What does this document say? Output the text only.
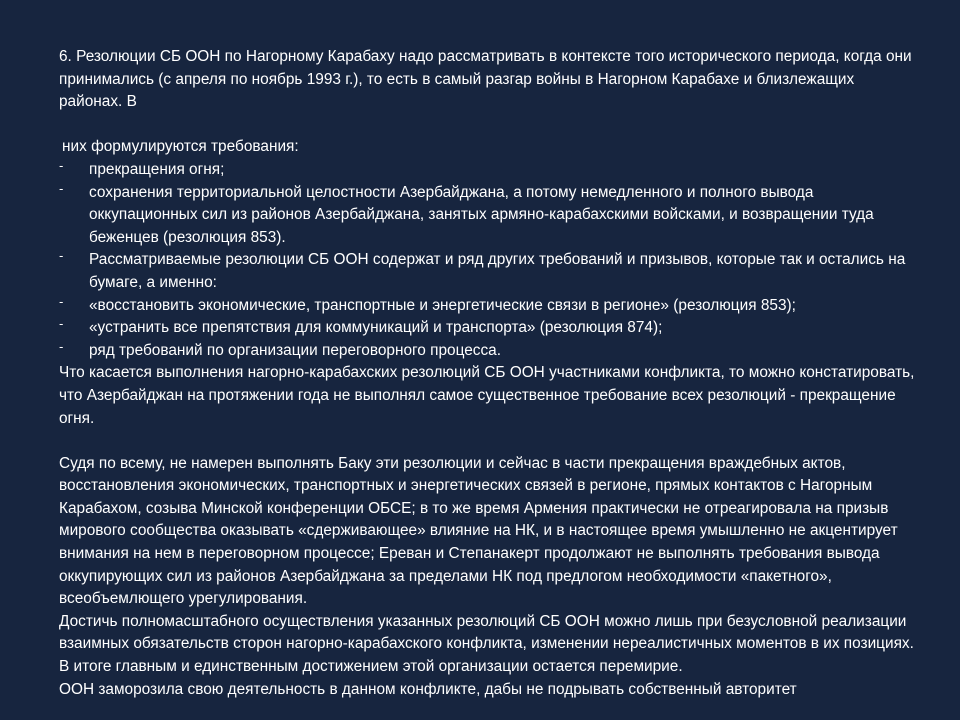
6. Резолюции СБ ООН по Нагорному Карабаху надо рассматривать в контексте того исторического периода, когда они принимались (с апреля по ноябрь 1993 г.), то есть в самый разгар войны в Нагорном Карабахе и близлежащих районах. В

них формулируются требования:

- прекращения огня;
- сохранения территориальной целостности Азербайджана, а потому немедленного и полного вывода оккупационных сил из районов Азербайджана, занятых армяно-карабахскими войсками, и возвращении туда беженцев (резолюция 853).
- Рассматриваемые резолюции СБ ООН содержат и ряд других требований и призывов, которые так и остались на бумаге, а именно:
- «восстановить экономические, транспортные и энергетические связи в регионе» (резолюция 853);
- «устранить все препятствия для коммуникаций и транспорта» (резолюция 874);
- ряд требований по организации переговорного процесса.

Что касается выполнения нагорно-карабахских резолюций СБ ООН участниками конфликта, то можно констатировать, что Азербайджан на протяжении года не выполнял самое существенное требование всех резолюций - прекращение огня.

Судя по всему, не намерен выполнять Баку эти резолюции и сейчас в части прекращения враждебных актов, восстановления экономических, транспортных и энергетических связей в регионе, прямых контактов с Нагорным Карабахом, созыва Минской конференции ОБСЕ; в то же время Армения практически не отреагировала на призыв мирового сообщества оказывать «сдерживающее» влияние на НК, и в настоящее время умышленно не акцентирует внимания на нем в переговорном процессе; Ереван и Степанакерт продолжают не выполнять требования вывода оккупирующих сил из районов Азербайджана за пределами НК под предлогом необходимости «пакетного», всеобъемлющего урегулирования.

Достичь полномасштабного осуществления указанных резолюций СБ ООН можно лишь при безусловной реализации взаимных обязательств сторон нагорно-карабахского конфликта, изменении нереалистичных моментов в их позициях. В итоге главным и единственным достижением этой организации остается перемирие.

ООН заморозила свою деятельность в данном конфликте, дабы не подрывать собственный авторитет
